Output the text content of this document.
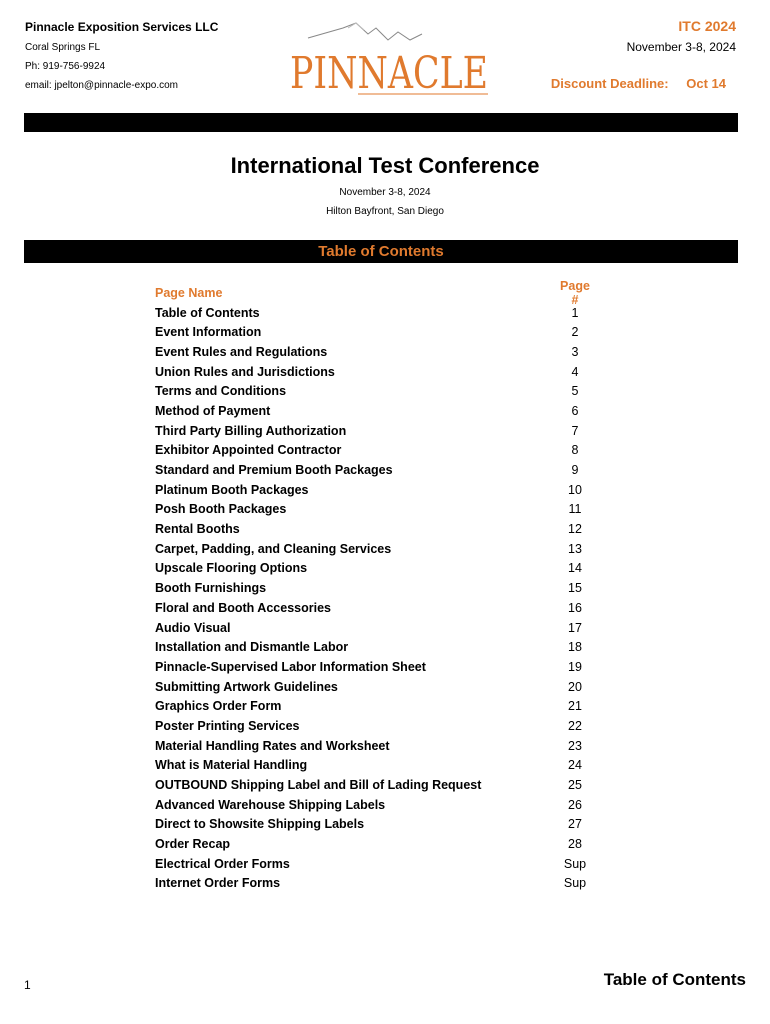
Pinnacle Exposition Services LLC
Coral Springs FL
Ph: 919-756-9924
email: jpelton@pinnacle-expo.com	PINNACLE
ITC 2024
November 3-8, 2024
Discount Deadline: Oct 14
International Test Conference
November 3-8, 2024
Hilton Bayfront, San Diego
Table of Contents
Page Name	Page #
Table of Contents	1
Event Information	2
Event Rules and Regulations	3
Union Rules and Jurisdictions	4
Terms and Conditions	5
Method of Payment	6
Third Party Billing Authorization	7
Exhibitor Appointed Contractor	8
Standard and Premium Booth Packages	9
Platinum Booth Packages	10
Posh Booth Packages	11
Rental Booths	12
Carpet, Padding, and Cleaning Services	13
Upscale Flooring Options	14
Booth Furnishings	15
Floral and Booth Accessories	16
Audio Visual	17
Installation and Dismantle Labor	18
Pinnacle-Supervised Labor Information Sheet	19
Submitting Artwork Guidelines	20
Graphics Order Form	21
Poster Printing Services	22
Material Handling Rates and Worksheet	23
What is Material Handling	24
OUTBOUND Shipping Label and Bill of Lading Request	25
Advanced Warehouse Shipping Labels	26
Direct to Showsite Shipping Labels	27
Order Recap	28
Electrical Order Forms	Sup
Internet Order Forms	Sup
1	Table of Contents
